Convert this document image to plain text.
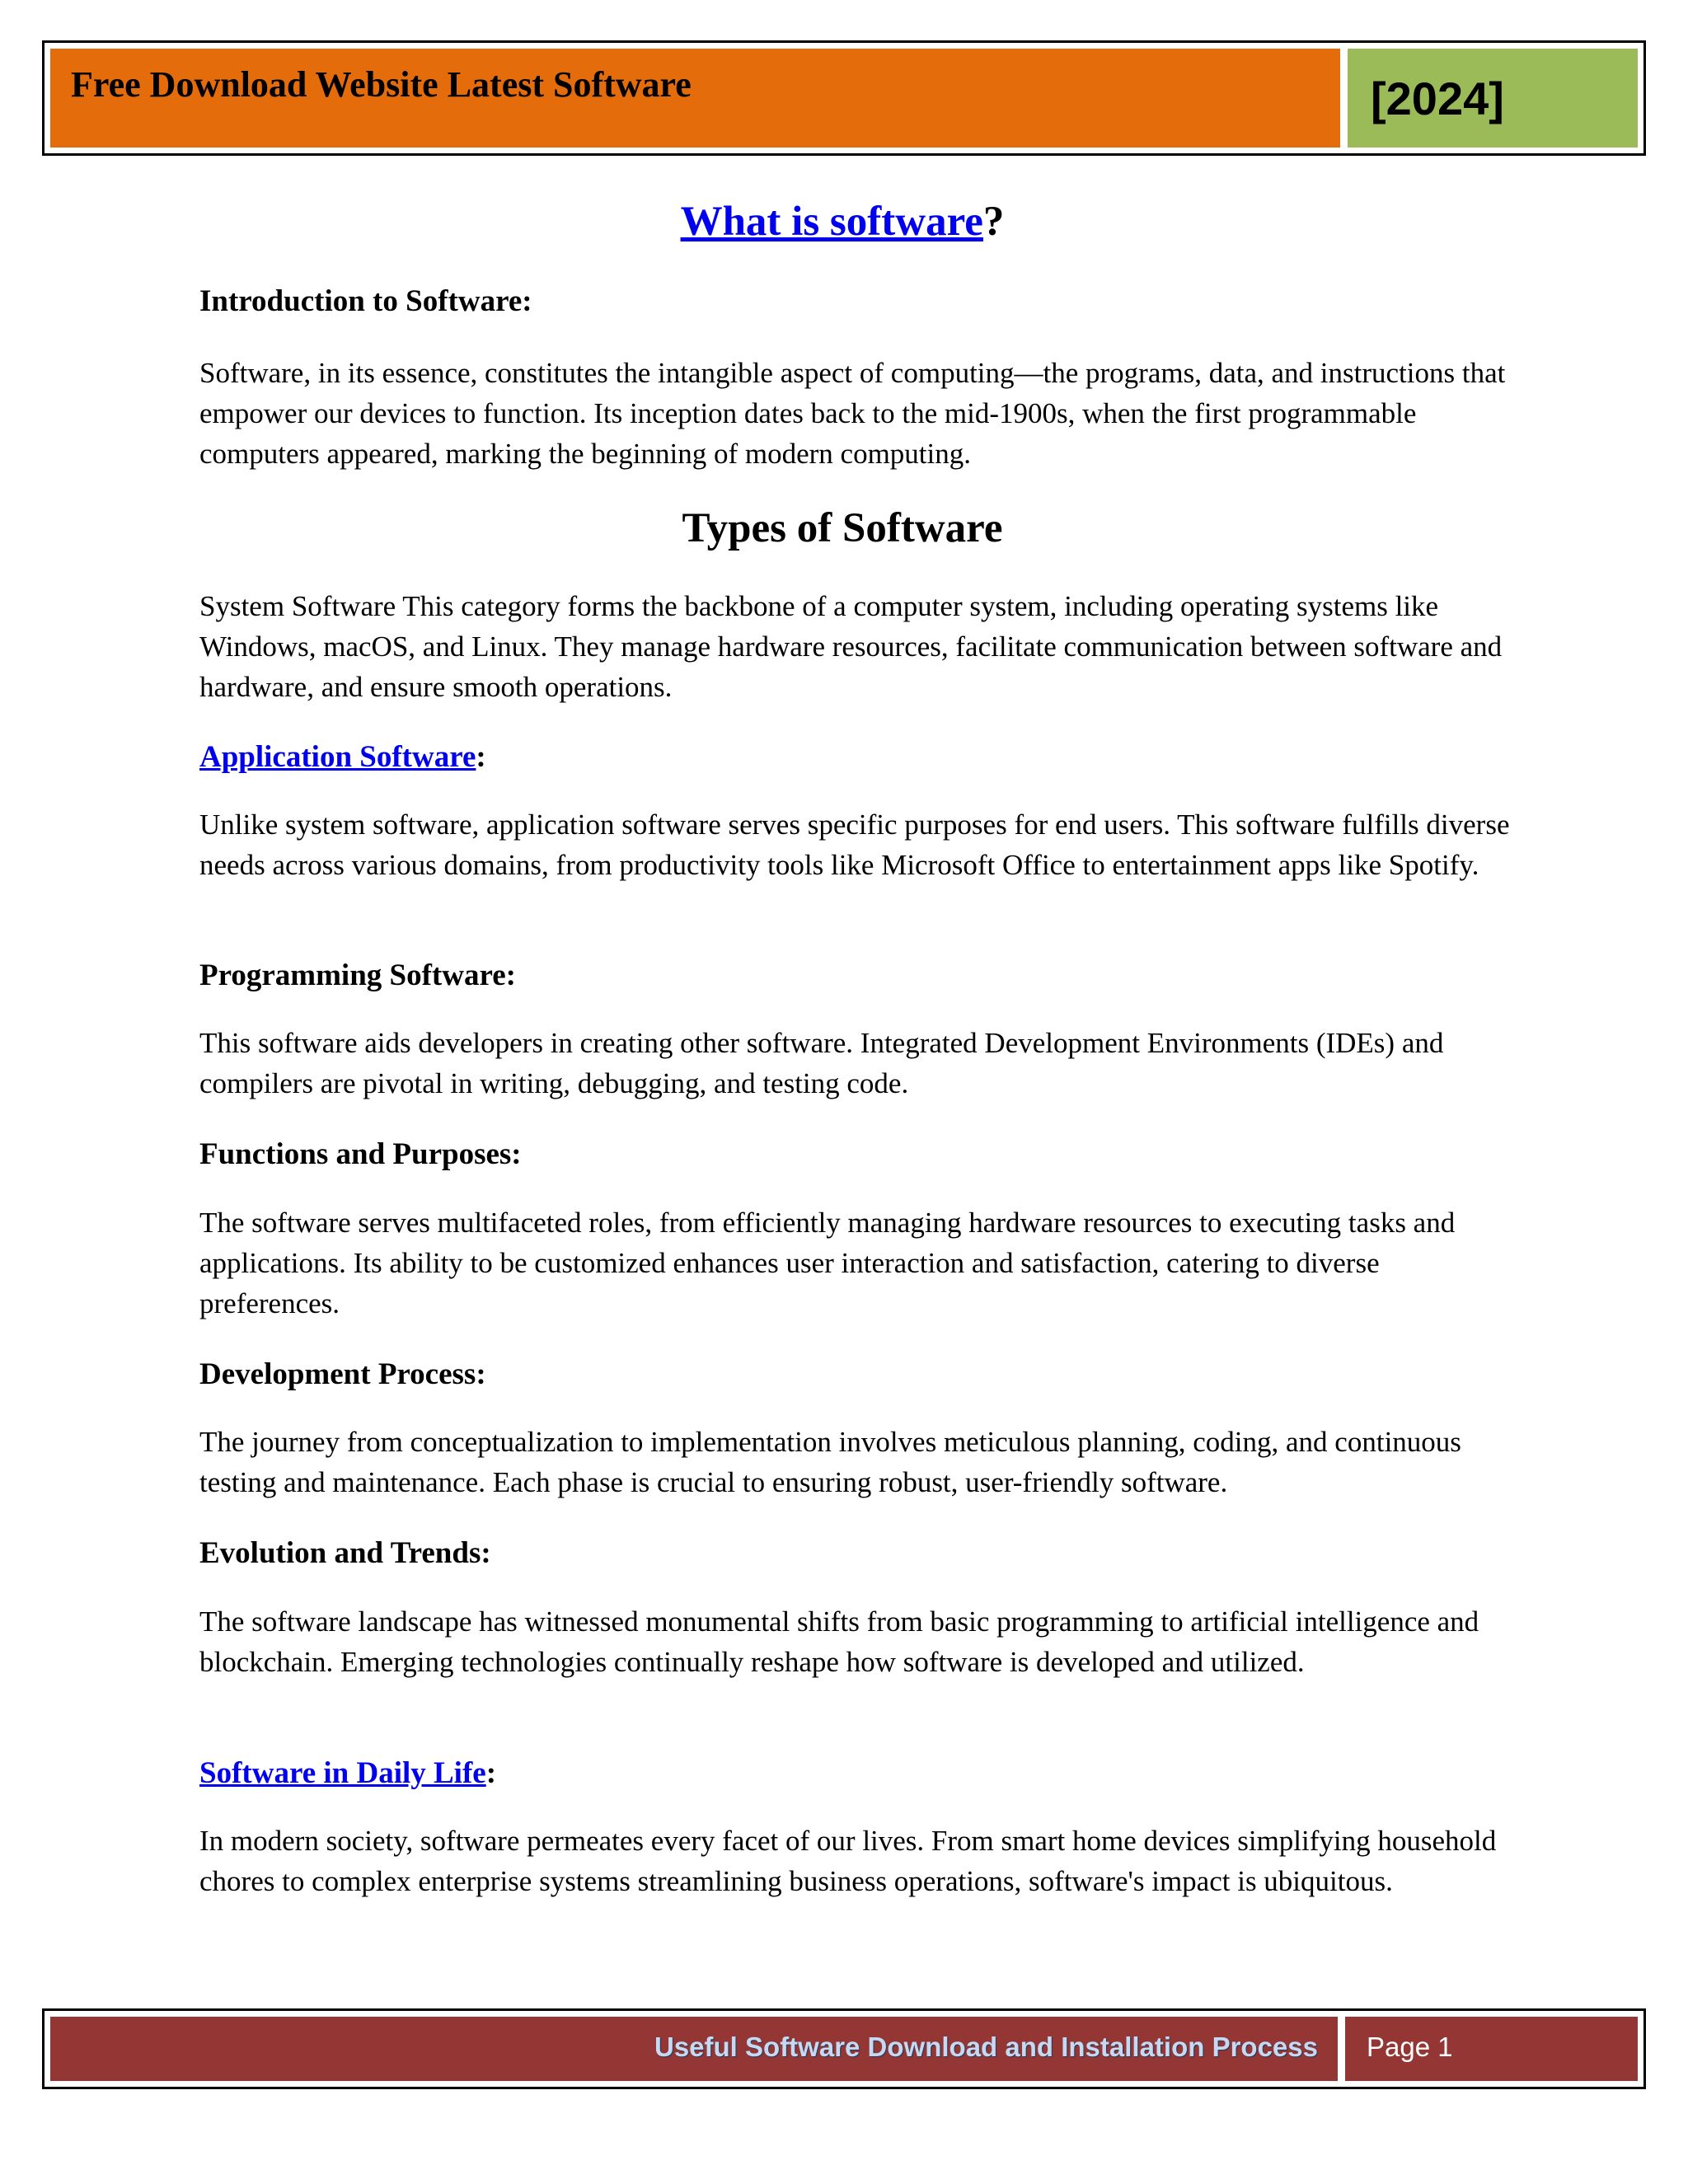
Free Download Website Latest Software	[2024]
What is software?
Introduction to Software:
Software, in its essence, constitutes the intangible aspect of computing—the programs, data, and instructions that empower our devices to function. Its inception dates back to the mid-1900s, when the first programmable computers appeared, marking the beginning of modern computing.
Types of Software
System Software This category forms the backbone of a computer system, including operating systems like Windows, macOS, and Linux. They manage hardware resources, facilitate communication between software and hardware, and ensure smooth operations.
Application Software:
Unlike system software, application software serves specific purposes for end users. This software fulfills diverse needs across various domains, from productivity tools like Microsoft Office to entertainment apps like Spotify.
Programming Software:
This software aids developers in creating other software. Integrated Development Environments (IDEs) and compilers are pivotal in writing, debugging, and testing code.
Functions and Purposes:
The software serves multifaceted roles, from efficiently managing hardware resources to executing tasks and applications. Its ability to be customized enhances user interaction and satisfaction, catering to diverse preferences.
Development Process:
The journey from conceptualization to implementation involves meticulous planning, coding, and continuous testing and maintenance. Each phase is crucial to ensuring robust, user-friendly software.
Evolution and Trends:
The software landscape has witnessed monumental shifts from basic programming to artificial intelligence and blockchain. Emerging technologies continually reshape how software is developed and utilized.
Software in Daily Life:
In modern society, software permeates every facet of our lives. From smart home devices simplifying household chores to complex enterprise systems streamlining business operations, software's impact is ubiquitous.
Useful Software Download and Installation Process Page 1
